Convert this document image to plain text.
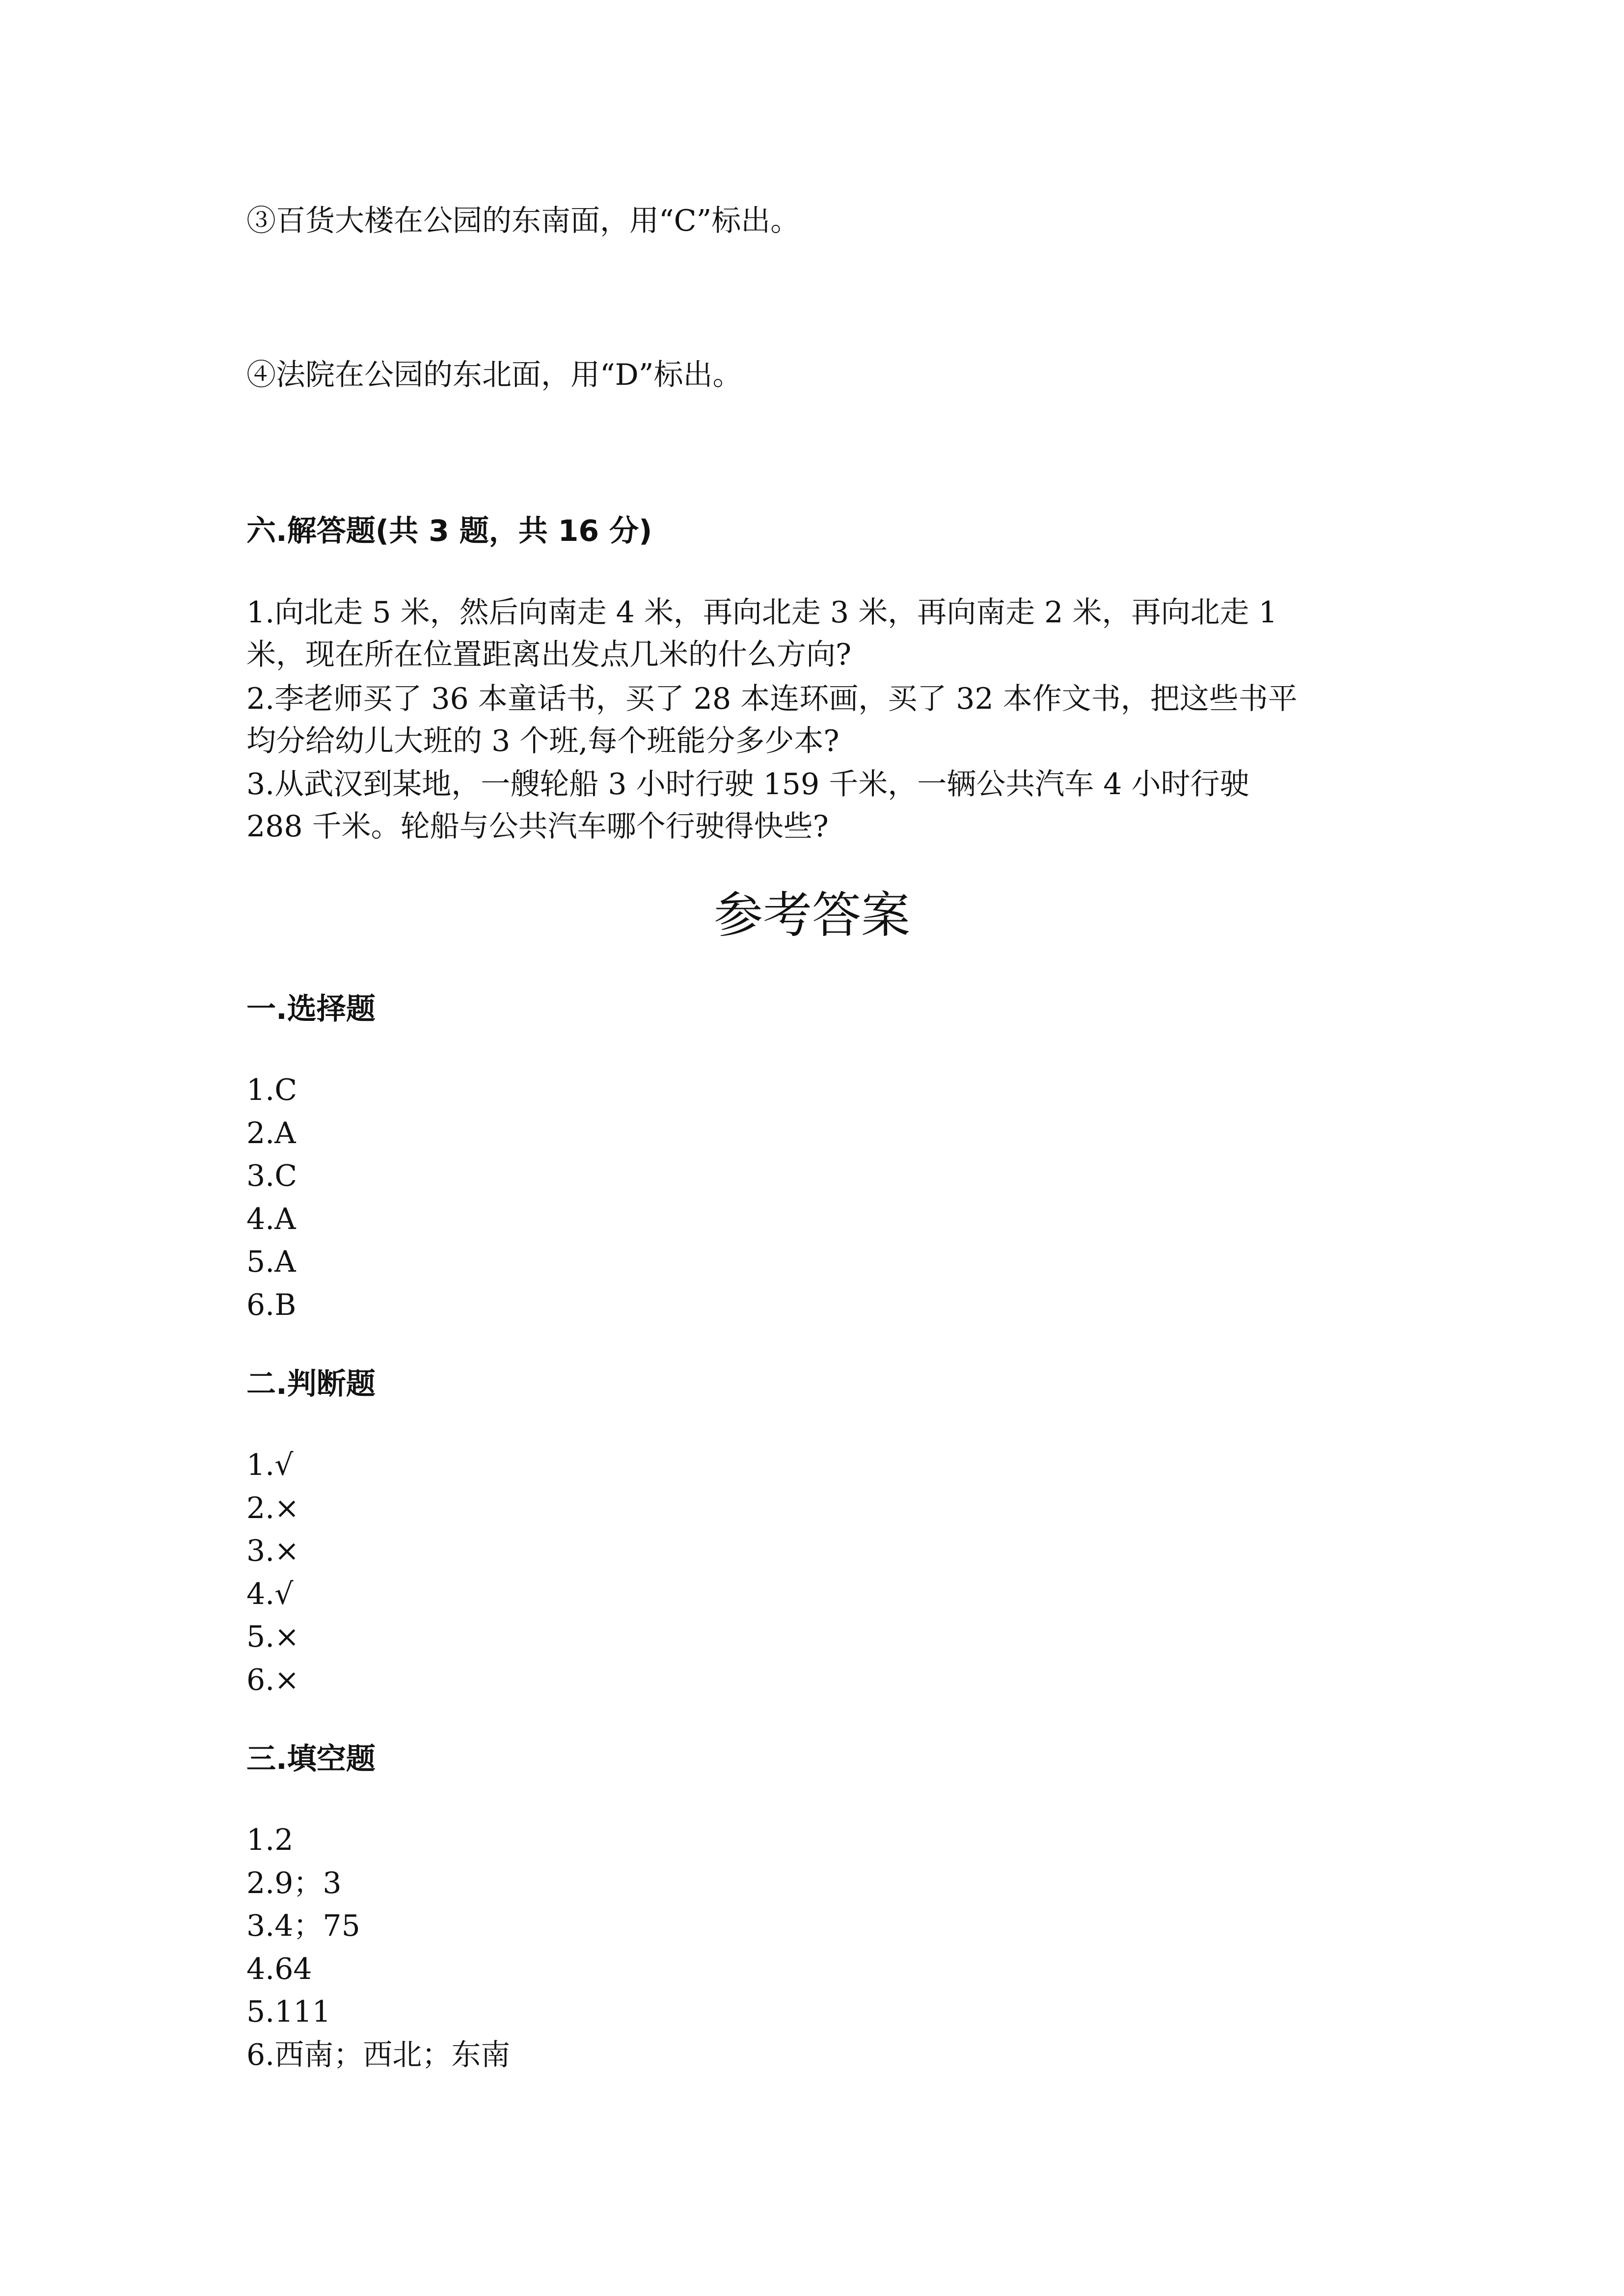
③百货大楼在公园的东南面，用“C”标出。
④法院在公园的东北面，用“D”标出。
六.解答题(共 3 题，共 16 分)
1.向北走 5 米，然后向南走 4 米，再向北走 3 米，再向南走 2 米，再向北走 1
米，现在所在位置距离出发点几米的什么方向?
2.李老师买了 36 本童话书，买了 28 本连环画，买了 32 本作文书，把这些书平
均分给幼儿大班的 3 个班,每个班能分多少本?
3.从武汉到某地，一艘轮船 3 小时行驶 159 千米，一辆公共汽车 4 小时行驶
288 千米。轮船与公共汽车哪个行驶得快些?
参考答案
一.选择题
1.C
2.A
3.C
4.A
5.A
6.B
二.判断题
1.√
2.×
3.×
4.√
5.×
6.×
三.填空题
1.2
2.9；3
3.4；75
4.64
5.111
6.西南；西北；东南
